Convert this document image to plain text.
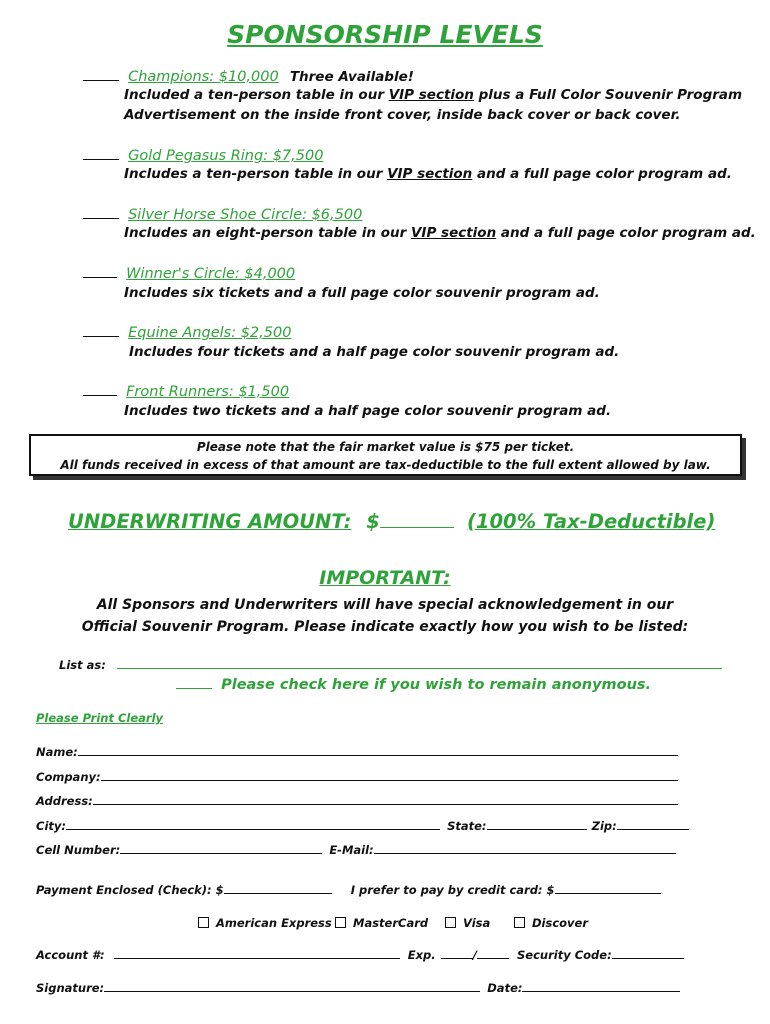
SPONSORSHIP LEVELS
Champions: $10,000 Three Available!
Included a ten-person table in our VIP section plus a Full Color Souvenir Program
Advertisement on the inside front cover, inside back cover or back cover.
Gold Pegasus Ring: $7,500
Includes a ten-person table in our VIP section and a full page color program ad.
Silver Horse Shoe Circle: $6,500
Includes an eight-person table in our VIP section and a full page color program ad.
Winner's Circle: $4,000
Includes six tickets and a full page color souvenir program ad.
Equine Angels: $2,500
Includes four tickets and a half page color souvenir program ad.
Front Runners: $1,500
Includes two tickets and a half page color souvenir program ad.
Please note that the fair market value is $75 per ticket.
All funds received in excess of that amount are tax-deductible to the full extent allowed by law.
UNDERWRITING AMOUNT: $	(100% Tax-Deductible)
IMPORTANT:
All Sponsors and Underwriters will have special acknowledgement in our
Official Souvenir Program. Please indicate exactly how you wish to be listed:
List as:
Please check here if you wish to remain anonymous.
Please Print Clearly
Name:
Company:
Address:
City:	State:	Zip:
Cell Number:	E-Mail:
Payment Enclosed (Check): $	I prefer to pay by credit card: $
American Express	MasterCard	Visa	Discover
Account #:	Exp.	/	Security Code:
Signature:	Date:
